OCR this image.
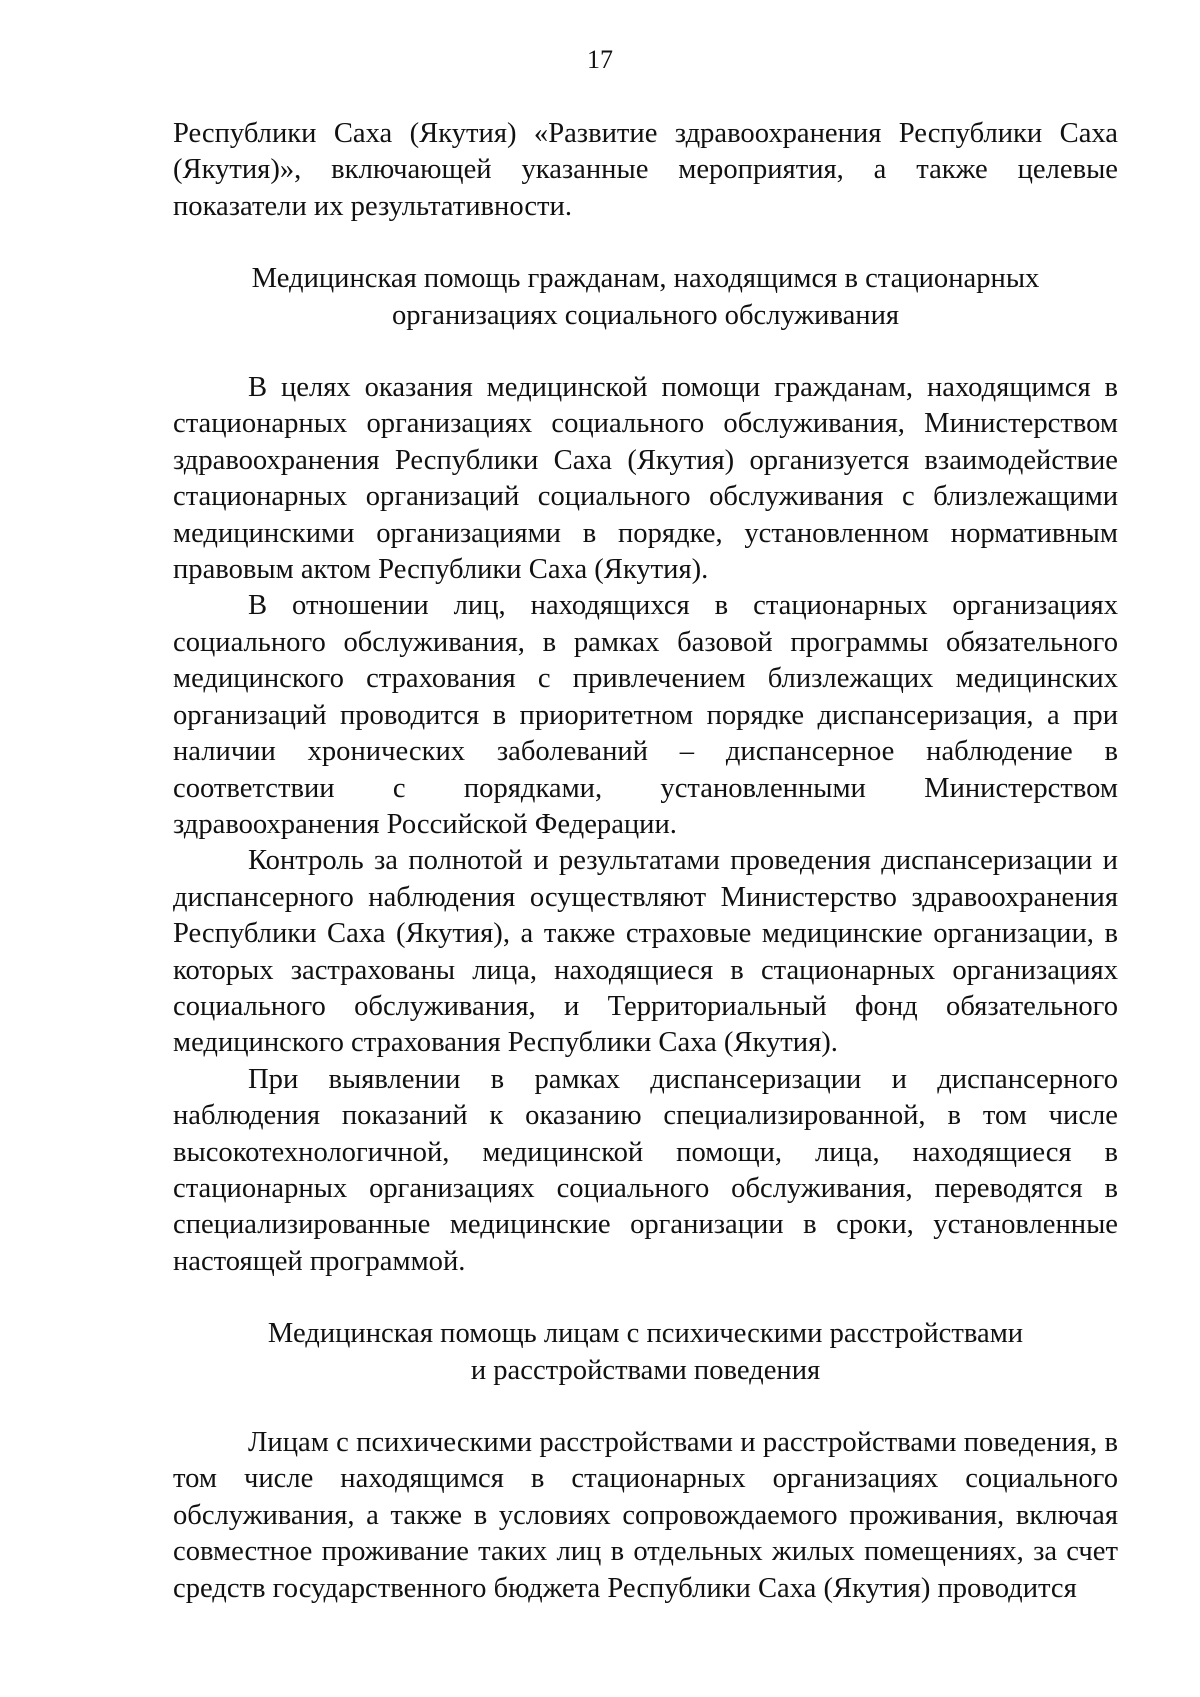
17

Республики Саха (Якутия) «Развитие здравоохранения Республики Саха (Якутия)», включающей указанные мероприятия, а также целевые показатели их результативности.

Медицинская помощь гражданам, находящимся в стационарных
организациях социального обслуживания

В целях оказания медицинской помощи гражданам, находящимся в стационарных организациях социального обслуживания, Министерством здравоохранения Республики Саха (Якутия) организуется взаимодействие стационарных организаций социального обслуживания с близлежащими медицинскими организациями в порядке, установленном нормативным правовым актом Республики Саха (Якутия).

В отношении лиц, находящихся в стационарных организациях социального обслуживания, в рамках базовой программы обязательного медицинского страхования с привлечением близлежащих медицинских организаций проводится в приоритетном порядке диспансеризация, а при наличии хронических заболеваний – диспансерное наблюдение в соответствии с порядками, установленными Министерством здравоохранения Российской Федерации.

Контроль за полнотой и результатами проведения диспансеризации и диспансерного наблюдения осуществляют Министерство здравоохранения Республики Саха (Якутия), а также страховые медицинские организации, в которых застрахованы лица, находящиеся в стационарных организациях социального обслуживания, и Территориальный фонд обязательного медицинского страхования Республики Саха (Якутия).

При выявлении в рамках диспансеризации и диспансерного наблюдения показаний к оказанию специализированной, в том числе высокотехнологичной, медицинской помощи, лица, находящиеся в стационарных организациях социального обслуживания, переводятся в специализированные медицинские организации в сроки, установленные настоящей программой.

Медицинская помощь лицам с психическими расстройствами
и расстройствами поведения

Лицам с психическими расстройствами и расстройствами поведения, в том числе находящимся в стационарных организациях социального обслуживания, а также в условиях сопровождаемого проживания, включая совместное проживание таких лиц в отдельных жилых помещениях, за счет средств государственного бюджета Республики Саха (Якутия) проводится
